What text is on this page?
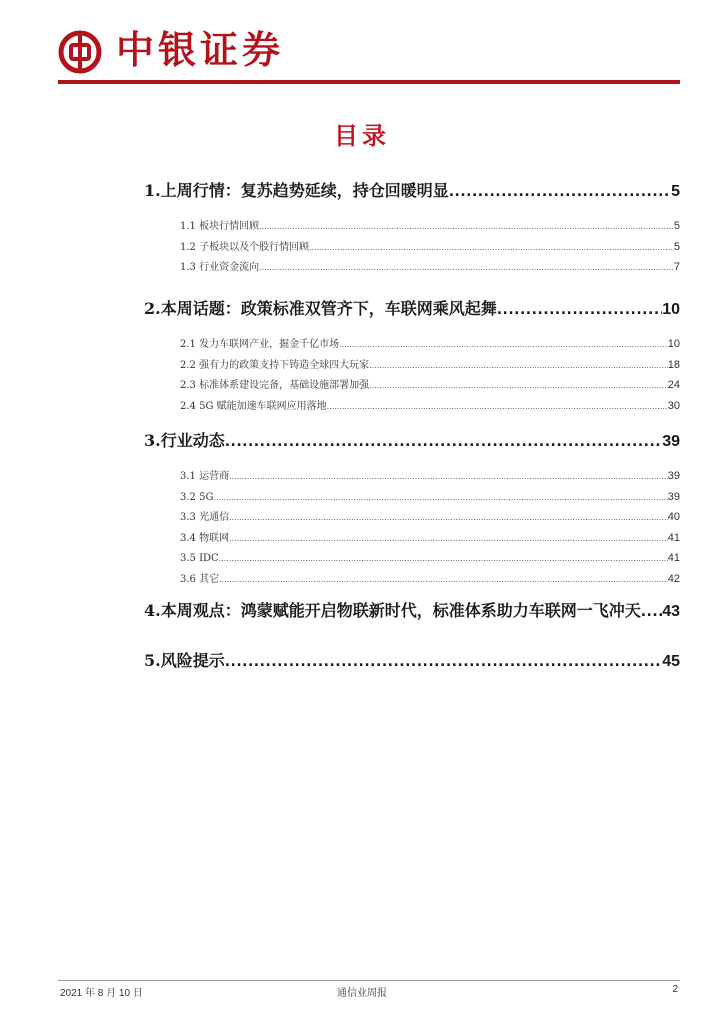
中银证券
目录
1.上周行情：复苏趋势延续，持仓回暖明显 .....	5
1.1 板块行情回顾 .....	5
1.2 子板块以及个股行情回顾 .....	5
1.3 行业资金流向 .....	7
2.本周话题：政策标准双管齐下，车联网乘风起舞 .....	10
2.1 发力车联网产业，掘金千亿市场 .....	10
2.2 强有力的政策支持下铸造全球四大玩家 .....	18
2.3 标准体系建设完备，基础设施部署加强 .....	24
2.4 5G 赋能加速车联网应用落地 .....	30
3.行业动态 .....	39
3.1 运营商 .....	39
3.2 5G .....	39
3.3 光通信 .....	40
3.4 物联网 .....	41
3.5 IDC .....	41
3.6 其它 .....	42
4.本周观点：鸿蒙赋能开启物联新时代，标准体系助力车联网一飞冲天 ..... 43
5.风险提示 .....	45
2021 年 8 月 10 日	通信业周报	2
